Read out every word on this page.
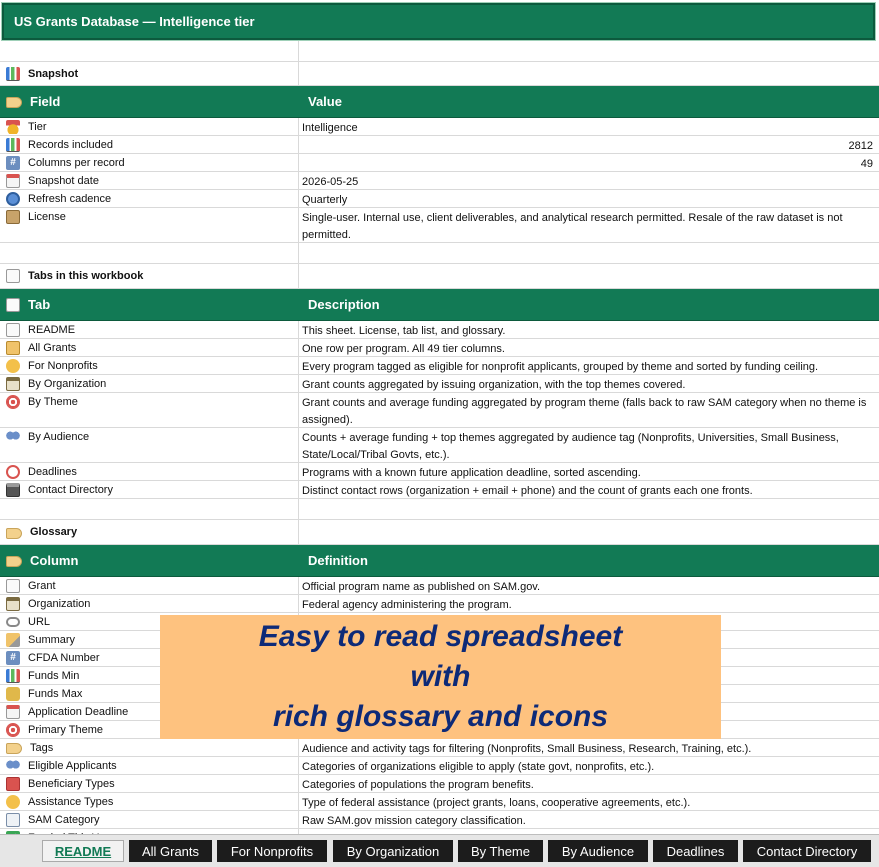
US Grants Database — Intelligence tier
Snapshot
Field	Value
Tier	Intelligence
Records included	2812
#	Columns per record	49
Snapshot date	2026-05-25
Refresh cadence	Quarterly
License	Single-user. Internal use, client deliverables, and analytical research permitted. Resale of the raw dataset is not permitted.
Tabs in this workbook
Tab	Description
README	This sheet. License, tab list, and glossary.
All Grants	One row per program. All 49 tier columns.
For Nonprofits	Every program tagged as eligible for nonprofit applicants, grouped by theme and sorted by funding ceiling.
By Organization	Grant counts aggregated by issuing organization, with the top themes covered.
By Theme	Grant counts and average funding aggregated by program theme (falls back to raw SAM category when no theme is assigned).
By Audience	Counts + average funding + top themes aggregated by audience tag (Nonprofits, Universities, Small Business, State/Local/Tribal Govts, etc.).
Deadlines	Programs with a known future application deadline, sorted ascending.
Contact Directory	Distinct contact rows (organization + email + phone) and the count of grants each one fronts.
Glossary
Column	Definition
Grant	Official program name as published on SAM.gov.
Organization	Federal agency administering the program.
URL
Summary
#	CFDA Number
Funds Min
Funds Max
Application Deadline
Primary Theme
Tags	Audience and activity tags for filtering (Nonprofits, Small Business, Research, Training, etc.).
Eligible Applicants	Categories of organizations eligible to apply (state govt, nonprofits, etc.).
Beneficiary Types	Categories of populations the program benefits.
Assistance Types	Type of federal assistance (project grants, loans, cooperative agreements, etc.).
SAM Category	Raw SAM.gov mission category classification.
Easy to read spreadsheet
with
rich glossary and icons
README	All Grants	For Nonprofits	By Organization	By Theme	By Audience	Deadlines	Contact Directory
